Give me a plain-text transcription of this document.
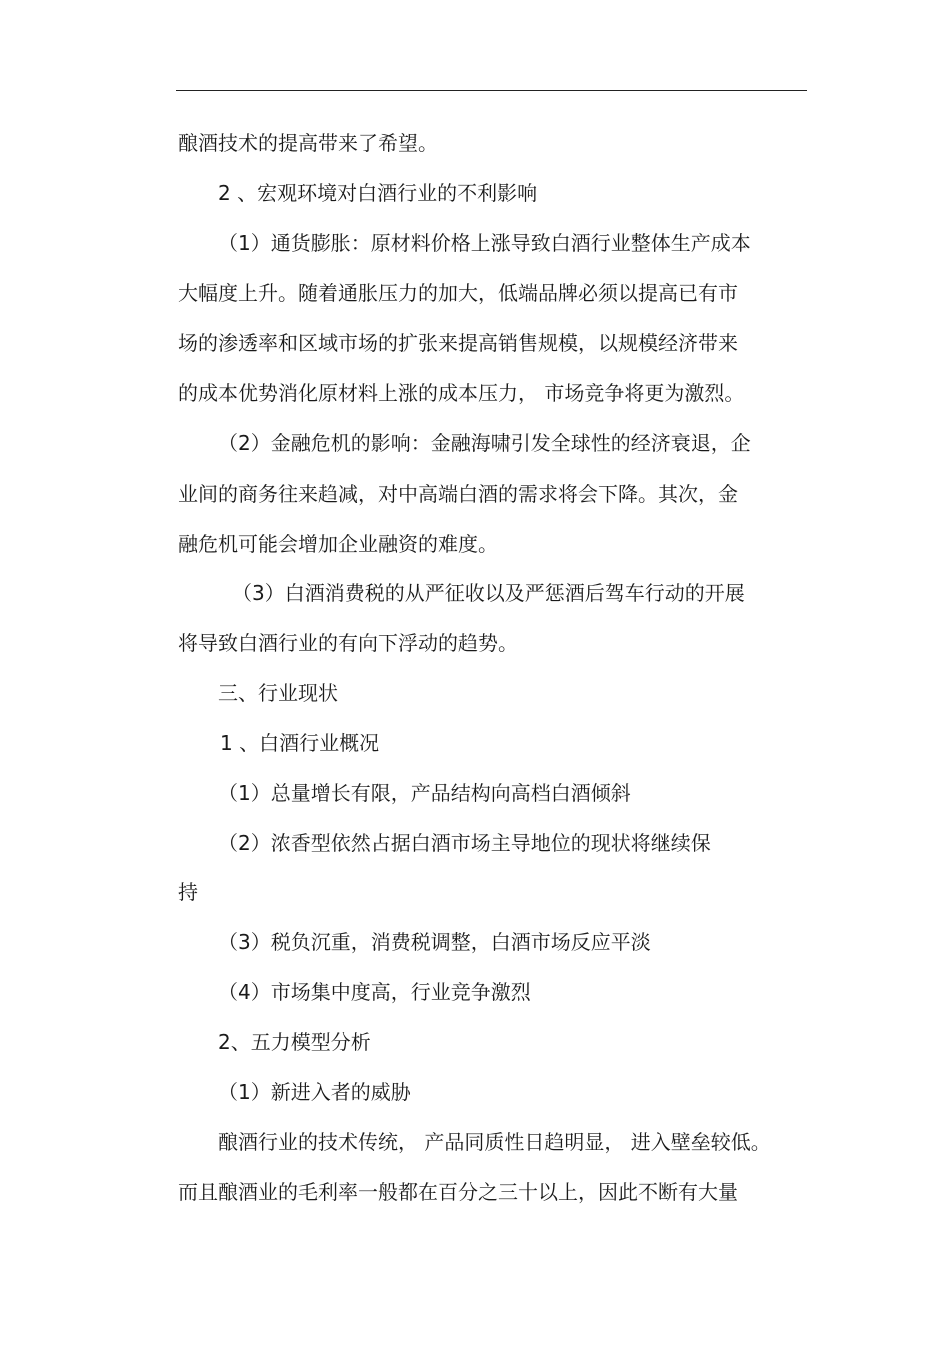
酿酒技术的提高带来了希望。
2 、宏观环境对白酒行业的不利影响
（1）通货膨胀：原材料价格上涨导致白酒行业整体生产成本
大幅度上升。随着通胀压力的加大，低端品牌必须以提高已有市
场的渗透率和区域市场的扩张来提高销售规模，以规模经济带来
的成本优势消化原材料上涨的成本压力， 市场竞争将更为激烈。
（2）金融危机的影响：金融海啸引发全球性的经济衰退，企
业间的商务往来趋减，对中高端白酒的需求将会下降。其次，金
融危机可能会增加企业融资的难度。
（3）白酒消费税的从严征收以及严惩酒后驾车行动的开展
将导致白酒行业的有向下浮动的趋势。
三、行业现状
1 、白酒行业概况
（1）总量增长有限，产品结构向高档白酒倾斜
（2）浓香型依然占据白酒市场主导地位的现状将继续保
持
（3）税负沉重，消费税调整，白酒市场反应平淡
（4）市场集中度高，行业竞争激烈
2、五力模型分析
（1）新进入者的威胁
酿酒行业的技术传统， 产品同质性日趋明显， 进入壁垒较低。
而且酿酒业的毛利率一般都在百分之三十以上，因此不断有大量
